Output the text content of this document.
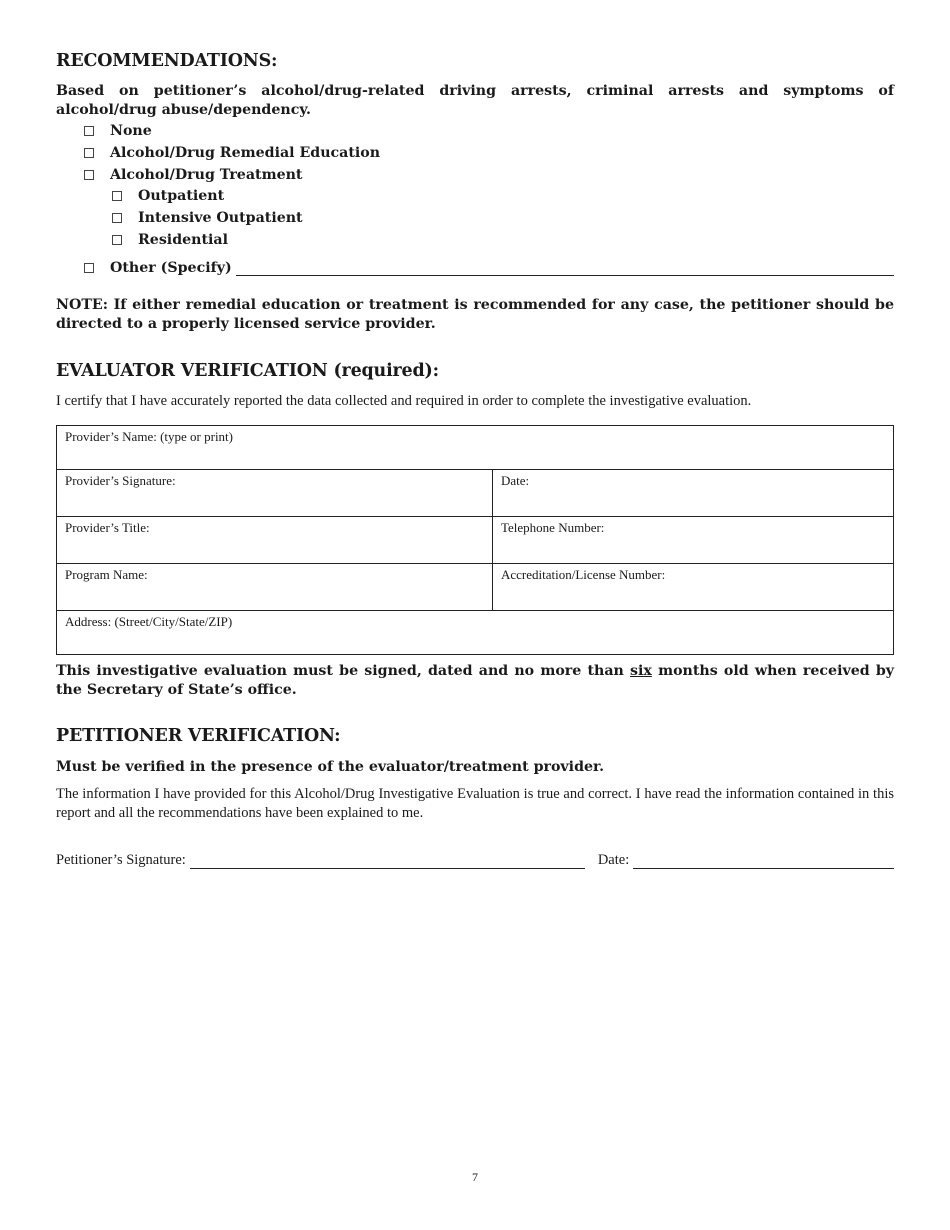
RECOMMENDATIONS:

Based on petitioner’s alcohol/drug-related driving arrests, criminal arrests and symptoms of alcohol/drug abuse/dependency.

None
Alcohol/Drug Remedial Education
Alcohol/Drug Treatment
Outpatient
Intensive Outpatient
Residential
Other (Specify)

NOTE: If either remedial education or treatment is recommended for any case, the petitioner should be directed to a properly licensed service provider.

EVALUATOR VERIFICATION (required):

I certify that I have accurately reported the data collected and required in order to complete the investigative evaluation.

Provider’s Name: (type or print)	
Provider’s Signature:	Date:
Provider’s Title:	Telephone Number:
Program Name:	Accreditation/License Number:
Address: (Street/City/State/ZIP)	

This investigative evaluation must be signed, dated and no more than six months old when received by the Secretary of State’s office.

PETITIONER VERIFICATION:

Must be verified in the presence of the evaluator/treatment provider.

The information I have provided for this Alcohol/Drug Investigative Evaluation is true and correct. I have read the information contained in this report and all the recommendations have been explained to me.

Petitioner’s Signature:	Date:
7
